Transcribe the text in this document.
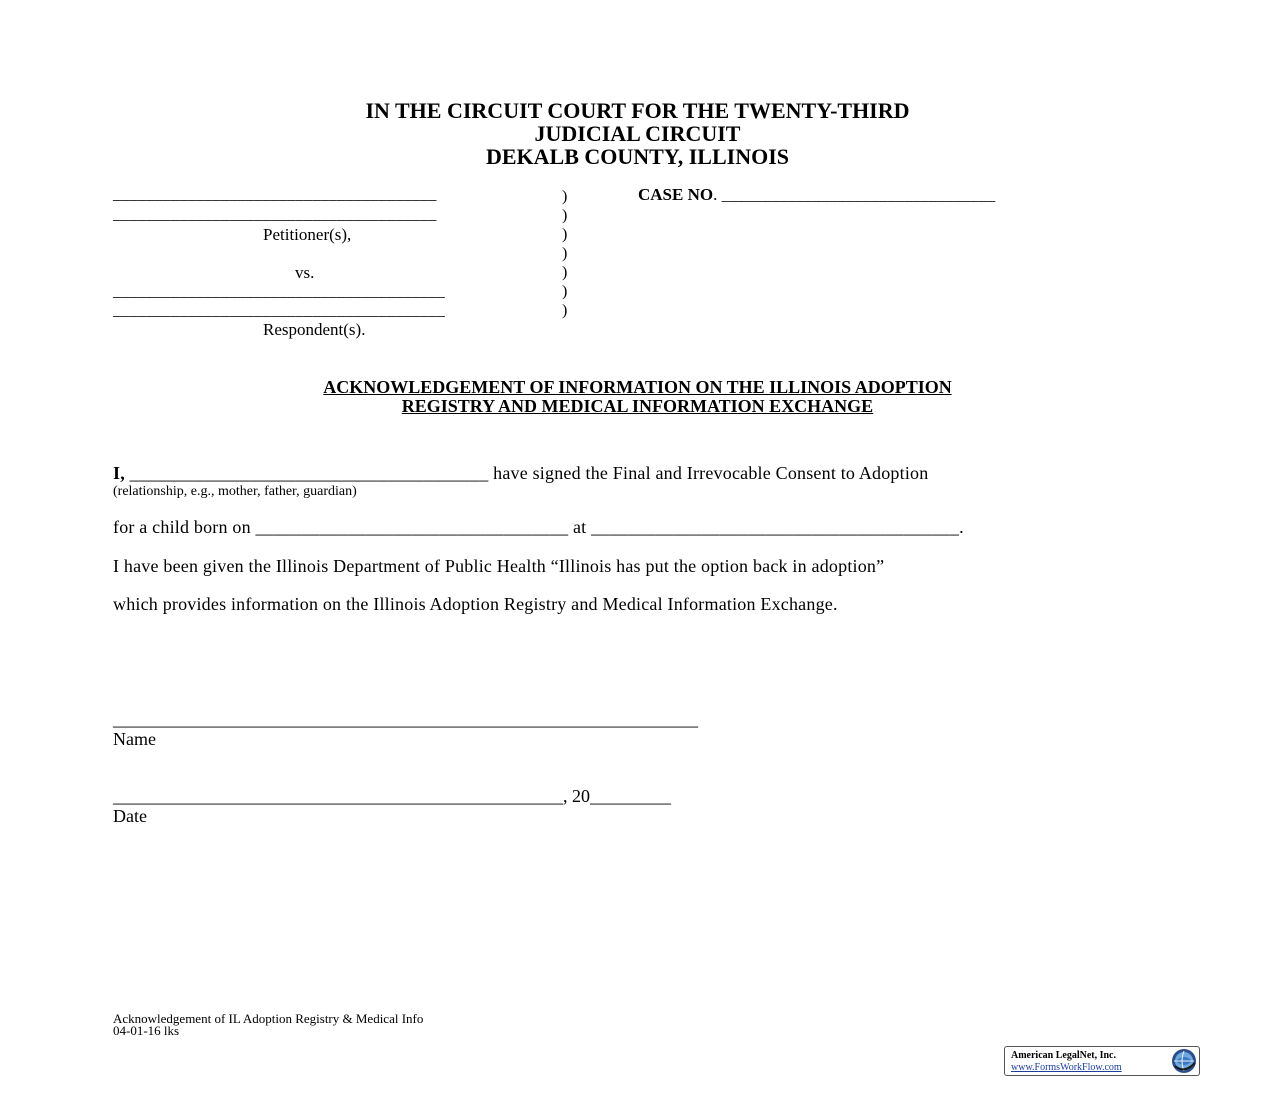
IN THE CIRCUIT COURT FOR THE TWENTY-THIRD
JUDICIAL CIRCUIT
DEKALB COUNTY, ILLINOIS
_______________________________________
_______________________________________
Petitioner(s),
vs.
________________________________________
________________________________________
Respondent(s).
)
)
)
)
)
)
)
CASE NO. _________________________________
ACKNOWLEDGEMENT OF INFORMATION ON THE ILLINOIS ADOPTION
REGISTRY AND MEDICAL INFORMATION EXCHANGE
I, _______________________________________ have signed the Final and Irrevocable Consent to Adoption
(relationship, e.g., mother, father, guardian)
for a child born on __________________________________ at ________________________________________.
I have been given the Illinois Department of Public Health “Illinois has put the option back in adoption”
which provides information on the Illinois Adoption Registry and Medical Information Exchange.
_________________________________________________________________
Name
__________________________________________________, 20_________
Date
Acknowledgement of IL Adoption Registry & Medical Info
04-01-16 lks
American LegalNet, Inc.
www.FormsWorkFlow.com
